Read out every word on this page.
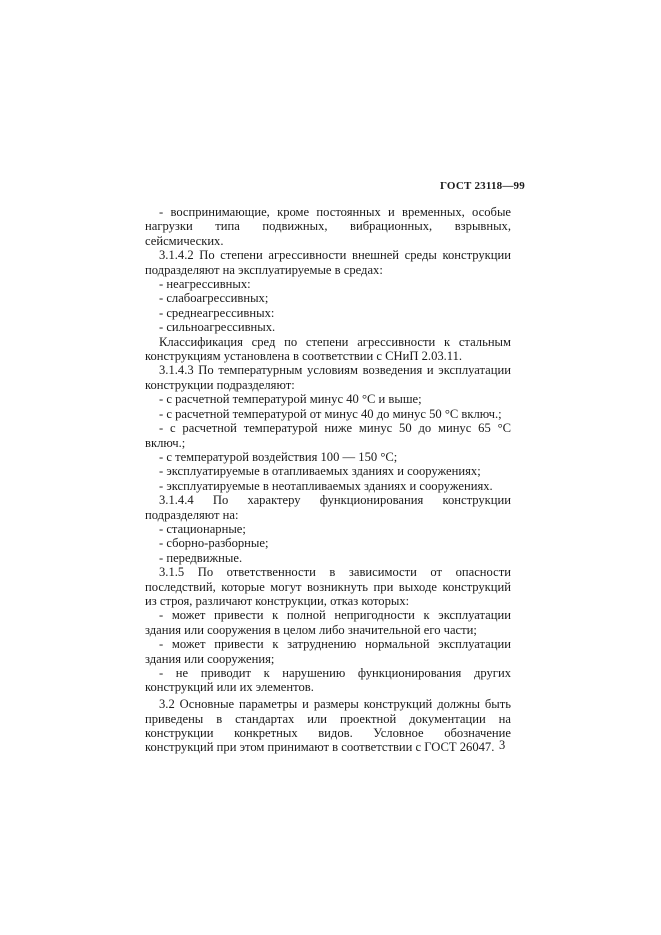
ГОСТ 23118—99

- воспринимающие, кроме постоянных и временных, особые нагрузки типа подвижных, вибрационных, взрывных, сейсмических.

3.1.4.2 По степени агрессивности внешней среды конструкции подразделяют на эксплуатируемые в средах:

- неагрессивных:

- слабоагрессивных;

- среднеагрессивных:

- сильноагрессивных.

Классификация сред по степени агрессивности к стальным конструкциям установлена в соответствии с СНиП 2.03.11.

3.1.4.3 По температурным условиям возведения и эксплуатации конструкции подразделяют:

- с расчетной температурой минус 40 °С и выше;

- с расчетной температурой от минус 40 до минус 50 °С включ.;

- с расчетной температурой ниже минус 50 до минус 65 °С включ.;

- с температурой воздействия 100 — 150 °С;

- эксплуатируемые в отапливаемых зданиях и сооружениях;

- эксплуатируемые в неотапливаемых зданиях и сооружениях.

3.1.4.4 По характеру функционирования конструкции подразделяют на:

- стационарные;

- сборно-разборные;

- передвижные.

3.1.5 По ответственности в зависимости от опасности последствий, которые могут возникнуть при выходе конструкций из строя, различают конструкции, отказ которых:

- может привести к полной непригодности к эксплуатации здания или сооружения в целом либо значительной его части;

- может привести к затруднению нормальной эксплуатации здания или сооружения;

- не приводит к нарушению функционирования других конструкций или их элементов.

3.2 Основные параметры и размеры конструкций должны быть приведены в стандартах или проектной документации на конструкции конкретных видов. Условное обозначение конструкций при этом принимают в соответствии с ГОСТ 26047. 3
